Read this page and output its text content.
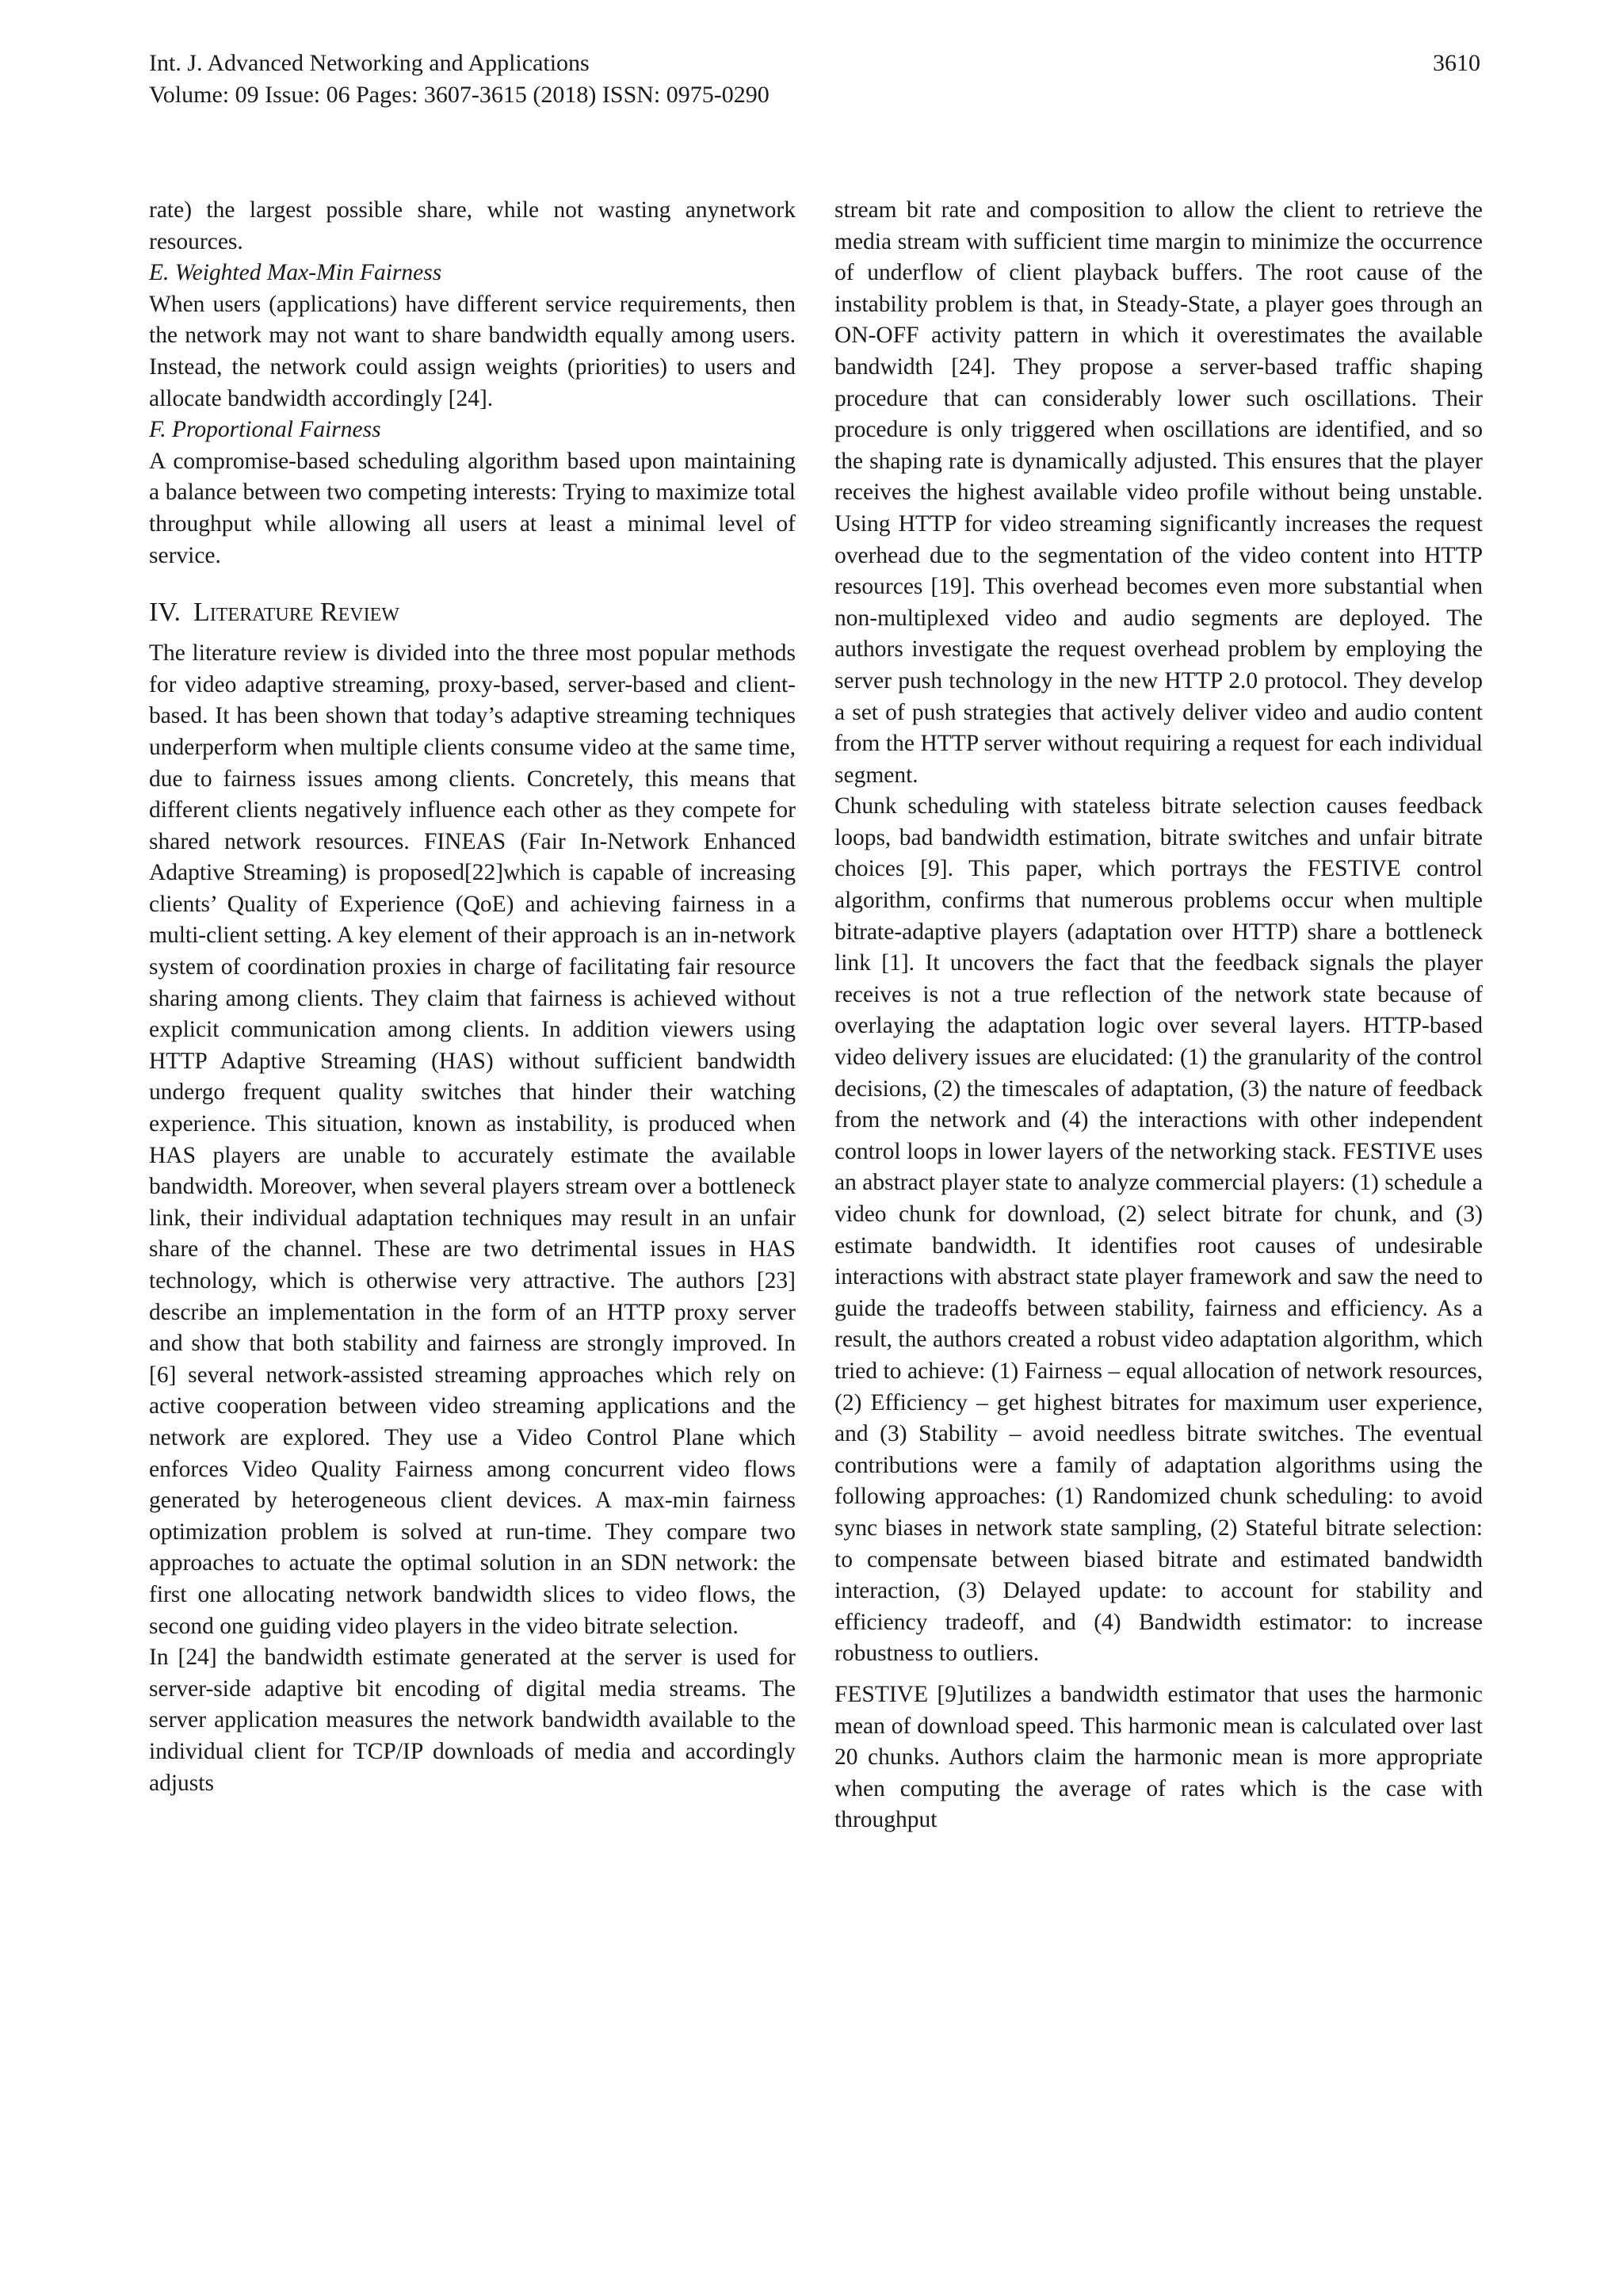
Int. J. Advanced Networking and Applications
Volume: 09 Issue: 06 Pages: 3607-3615 (2018) ISSN: 0975-0290
3610

rate) the largest possible share, while not wasting anynetwork resources.

E. Weighted Max-Min Fairness

When users (applications) have different service requirements, then the network may not want to share bandwidth equally among users. Instead, the network could assign weights (priorities) to users and allocate bandwidth accordingly [24].

F. Proportional Fairness

A compromise-based scheduling algorithm based upon maintaining a balance between two competing interests: Trying to maximize total throughput while allowing all users at least a minimal level of service.

IV. Literature Review

The literature review is divided into the three most popular methods for video adaptive streaming, proxy-based, server-based and client-based. It has been shown that today’s adaptive streaming techniques underperform when multiple clients consume video at the same time, due to fairness issues among clients. Concretely, this means that different clients negatively influence each other as they compete for shared network resources. FINEAS (Fair In-Network Enhanced Adaptive Streaming) is proposed[22]which is capable of increasing clients’ Quality of Experience (QoE) and achieving fairness in a multi-client setting. A key element of their approach is an in-network system of coordination proxies in charge of facilitating fair resource sharing among clients. They claim that fairness is achieved without explicit communication among clients. In addition viewers using HTTP Adaptive Streaming (HAS) without sufficient bandwidth undergo frequent quality switches that hinder their watching experience. This situation, known as instability, is produced when HAS players are unable to accurately estimate the available bandwidth. Moreover, when several players stream over a bottleneck link, their individual adaptation techniques may result in an unfair share of the channel. These are two detrimental issues in HAS technology, which is otherwise very attractive. The authors [23] describe an implementation in the form of an HTTP proxy server and show that both stability and fairness are strongly improved. In [6] several network-assisted streaming approaches which rely on active cooperation between video streaming applications and the network are explored. They use a Video Control Plane which enforces Video Quality Fairness among concurrent video flows generated by heterogeneous client devices. A max-min fairness optimization problem is solved at run-time. They compare two approaches to actuate the optimal solution in an SDN network: the first one allocating network bandwidth slices to video flows, the second one guiding video players in the video bitrate selection.

In [24] the bandwidth estimate generated at the server is used for server-side adaptive bit encoding of digital media streams. The server application measures the network bandwidth available to the individual client for TCP/IP downloads of media and accordingly adjusts

stream bit rate and composition to allow the client to retrieve the media stream with sufficient time margin to minimize the occurrence of underflow of client playback buffers. The root cause of the instability problem is that, in Steady-State, a player goes through an ON-OFF activity pattern in which it overestimates the available bandwidth [24]. They propose a server-based traffic shaping procedure that can considerably lower such oscillations. Their procedure is only triggered when oscillations are identified, and so the shaping rate is dynamically adjusted. This ensures that the player receives the highest available video profile without being unstable. Using HTTP for video streaming significantly increases the request overhead due to the segmentation of the video content into HTTP resources [19]. This overhead becomes even more substantial when non-multiplexed video and audio segments are deployed. The authors investigate the request overhead problem by employing the server push technology in the new HTTP 2.0 protocol. They develop a set of push strategies that actively deliver video and audio content from the HTTP server without requiring a request for each individual segment.

Chunk scheduling with stateless bitrate selection causes feedback loops, bad bandwidth estimation, bitrate switches and unfair bitrate choices [9]. This paper, which portrays the FESTIVE control algorithm, confirms that numerous problems occur when multiple bitrate-adaptive players (adaptation over HTTP) share a bottleneck link [1]. It uncovers the fact that the feedback signals the player receives is not a true reflection of the network state because of overlaying the adaptation logic over several layers. HTTP-based video delivery issues are elucidated: (1) the granularity of the control decisions, (2) the timescales of adaptation, (3) the nature of feedback from the network and (4) the interactions with other independent control loops in lower layers of the networking stack. FESTIVE uses an abstract player state to analyze commercial players: (1) schedule a video chunk for download, (2) select bitrate for chunk, and (3) estimate bandwidth. It identifies root causes of undesirable interactions with abstract state player framework and saw the need to guide the tradeoffs between stability, fairness and efficiency. As a result, the authors created a robust video adaptation algorithm, which tried to achieve: (1) Fairness – equal allocation of network resources, (2) Efficiency – get highest bitrates for maximum user experience, and (3) Stability – avoid needless bitrate switches. The eventual contributions were a family of adaptation algorithms using the following approaches: (1) Randomized chunk scheduling: to avoid sync biases in network state sampling, (2) Stateful bitrate selection: to compensate between biased bitrate and estimated bandwidth interaction, (3) Delayed update: to account for stability and efficiency tradeoff, and (4) Bandwidth estimator: to increase robustness to outliers.

FESTIVE [9]utilizes a bandwidth estimator that uses the harmonic mean of download speed. This harmonic mean is calculated over last 20 chunks. Authors claim the harmonic mean is more appropriate when computing the average of rates which is the case with throughput
